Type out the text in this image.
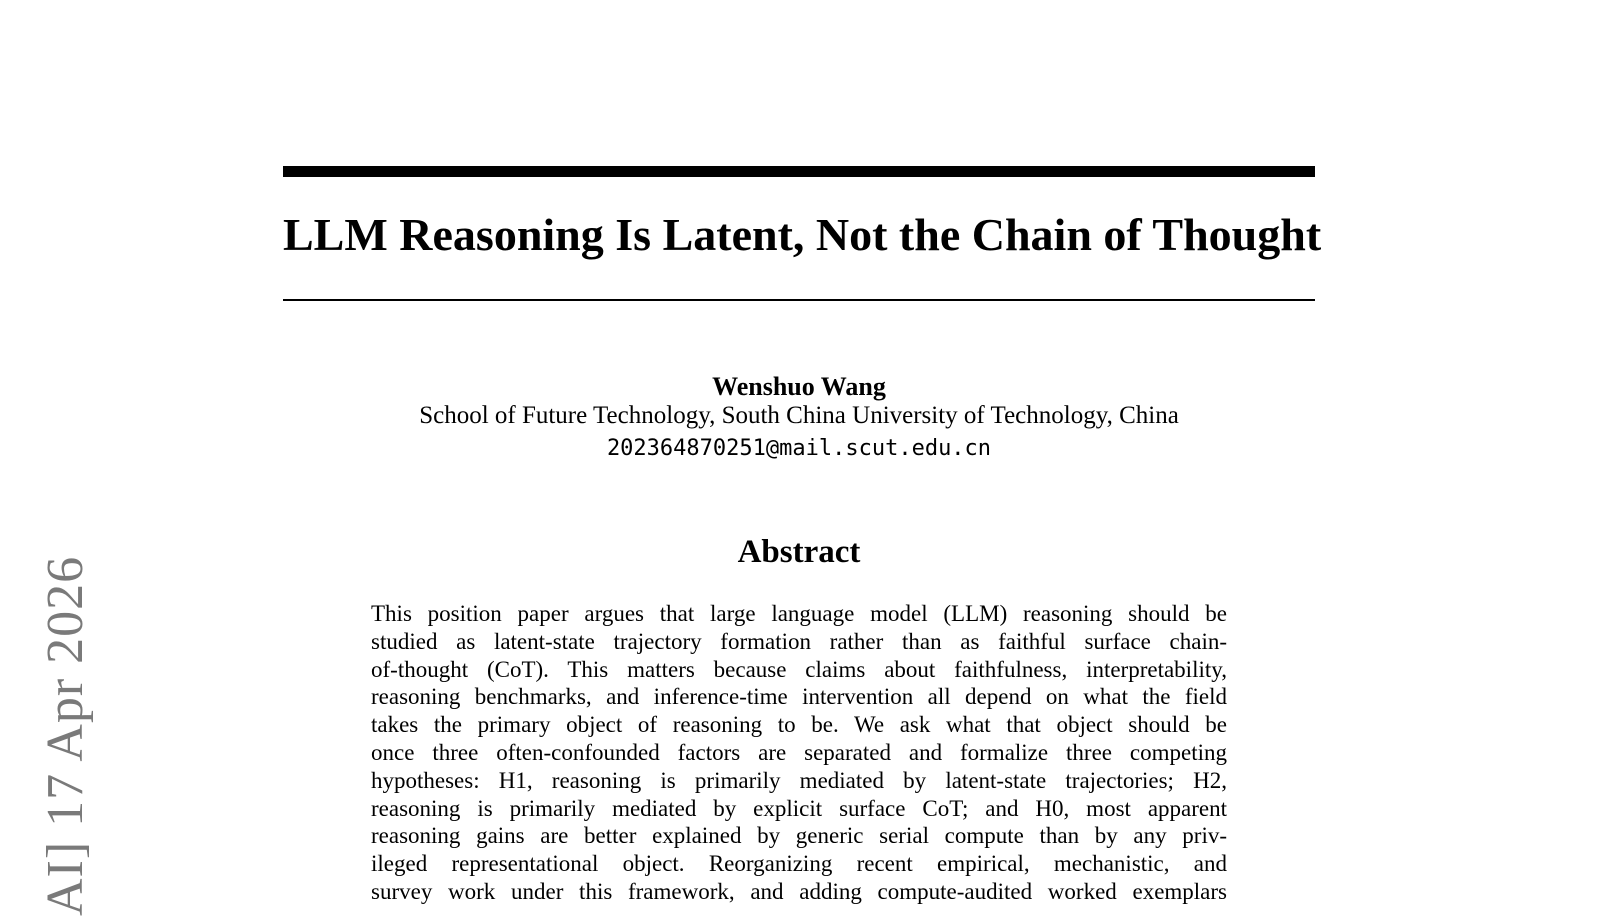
AI] 17 Apr 2026
LLM Reasoning Is Latent, Not the Chain of Thought
Wenshuo Wang
School of Future Technology, South China University of Technology, China
202364870251@mail.scut.edu.cn
Abstract
This position paper argues that large language model (LLM) reasoning should be
studied as latent-state trajectory formation rather than as faithful surface chain-
of-thought (CoT). This matters because claims about faithfulness, interpretability,
reasoning benchmarks, and inference-time intervention all depend on what the field
takes the primary object of reasoning to be. We ask what that object should be
once three often-confounded factors are separated and formalize three competing
hypotheses: H1, reasoning is primarily mediated by latent-state trajectories; H2,
reasoning is primarily mediated by explicit surface CoT; and H0, most apparent
reasoning gains are better explained by generic serial compute than by any priv-
ileged representational object. Reorganizing recent empirical, mechanistic, and
survey work under this framework, and adding compute-audited worked exemplars
